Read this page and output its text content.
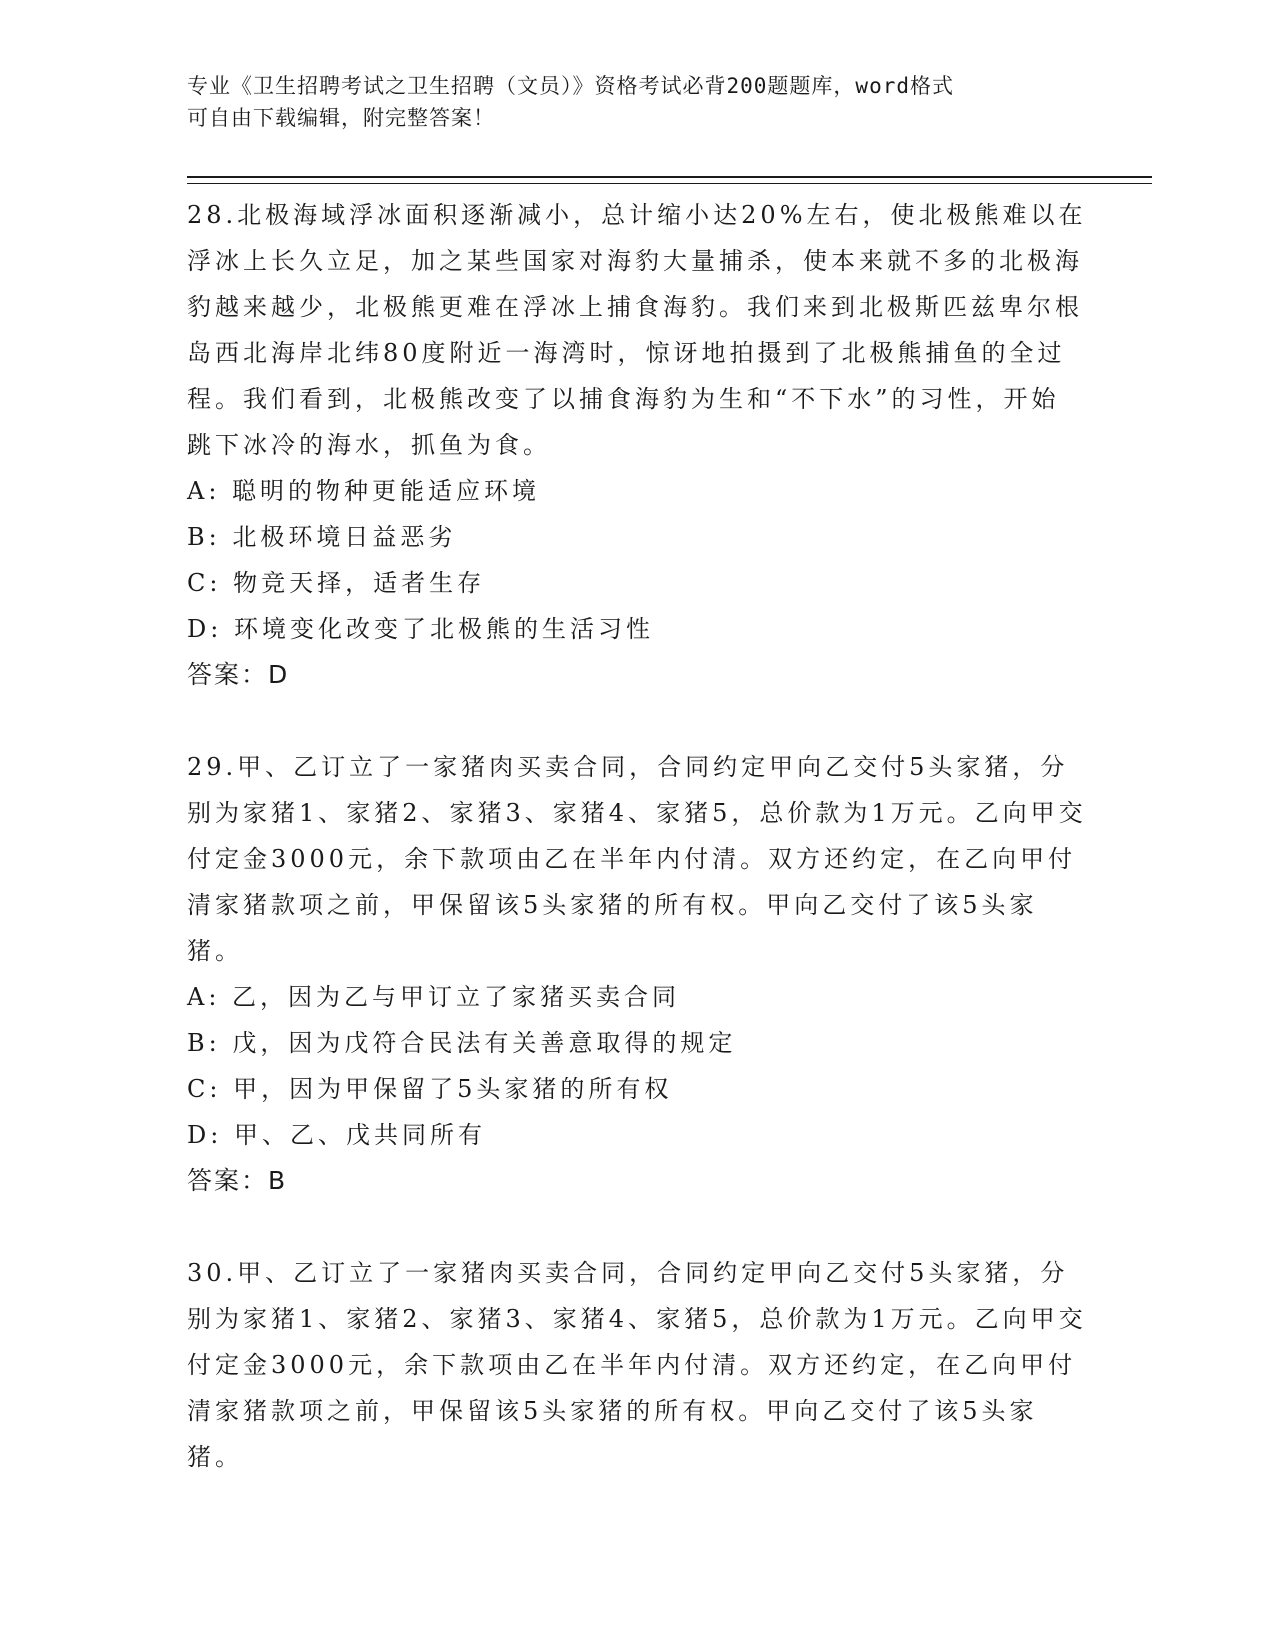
专业《卫生招聘考试之卫生招聘（文员）》资格考试必背200题题库，word格式
可自由下载编辑，附完整答案！

28.北极海域浮冰面积逐渐减小，总计缩小达20%左右，使北极熊难以在浮冰上长久立足，加之某些国家对海豹大量捕杀，使本来就不多的北极海豹越来越少，北极熊更难在浮冰上捕食海豹。我们来到北极斯匹兹卑尔根岛西北海岸北纬80度附近一海湾时，惊讶地拍摄到了北极熊捕鱼的全过程。我们看到，北极熊改变了以捕食海豹为生和“不下水”的习性，开始跳下冰冷的海水，抓鱼为食。

A: 聪明的物种更能适应环境

B: 北极环境日益恶劣

C: 物竞天择，适者生存

D: 环境变化改变了北极熊的生活习性

答案：D

29.甲、乙订立了一家猪肉买卖合同，合同约定甲向乙交付5头家猪，分别为家猪1、家猪2、家猪3、家猪4、家猪5，总价款为1万元。乙向甲交付定金3000元，余下款项由乙在半年内付清。双方还约定，在乙向甲付清家猪款项之前，甲保留该5头家猪的所有权。甲向乙交付了该5头家猪。

A: 乙，因为乙与甲订立了家猪买卖合同

B: 戊，因为戊符合民法有关善意取得的规定

C: 甲，因为甲保留了5头家猪的所有权

D: 甲、乙、戊共同所有

答案：B

30.甲、乙订立了一家猪肉买卖合同，合同约定甲向乙交付5头家猪，分别为家猪1、家猪2、家猪3、家猪4、家猪5，总价款为1万元。乙向甲交付定金3000元，余下款项由乙在半年内付清。双方还约定，在乙向甲付清家猪款项之前，甲保留该5头家猪的所有权。甲向乙交付了该5头家猪。
